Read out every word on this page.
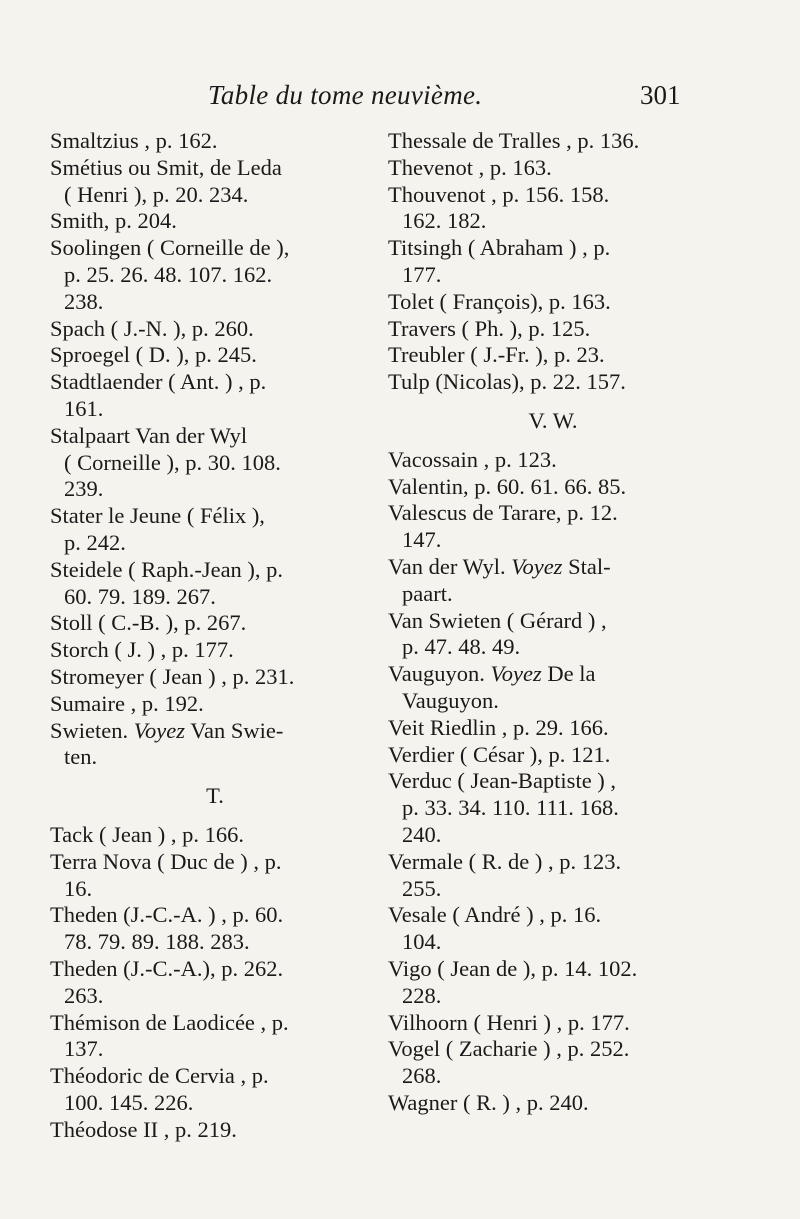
Table du tome neuvième.	301
Smaltzius , p. 162.
Smétius ou Smit, de Leda
( Henri ), p. 20. 234.
Smith, p. 204.
Soolingen ( Corneille de ),
p. 25. 26. 48. 107. 162.
238.
Spach ( J.-N. ), p. 260.
Sproegel ( D. ), p. 245.
Stadtlaender ( Ant. ) , p.
161.
Stalpaart Van der Wyl
( Corneille ), p. 30. 108.
239.
Stater le Jeune ( Félix ),
p. 242.
Steidele ( Raph.-Jean ), p.
60. 79. 189. 267.
Stoll ( C.-B. ), p. 267.
Storch ( J. ) , p. 177.
Stromeyer ( Jean ) , p. 231.
Sumaire , p. 192.
Swieten. Voyez Van Swie-
ten.
T.
Tack ( Jean ) , p. 166.
Terra Nova ( Duc de ) , p.
16.
Theden (J.-C.-A. ) , p. 60.
78. 79. 89. 188. 283.
Theden (J.-C.-A.), p. 262.
263.
Thémison de Laodicée , p.
137.
Théodoric de Cervia , p.
100. 145. 226.
Théodose II , p. 219.
Thessale de Tralles , p. 136.
Thevenot , p. 163.
Thouvenot , p. 156. 158.
162. 182.
Titsingh ( Abraham ) , p.
177.
Tolet ( François), p. 163.
Travers ( Ph. ), p. 125.
Treubler ( J.-Fr. ), p. 23.
Tulp (Nicolas), p. 22. 157.
V. W.
Vacossain , p. 123.
Valentin, p. 60. 61. 66. 85.
Valescus de Tarare, p. 12.
147.
Van der Wyl. Voyez Stal-
paart.
Van Swieten ( Gérard ) ,
p. 47. 48. 49.
Vauguyon. Voyez De la
Vauguyon.
Veit Riedlin , p. 29. 166.
Verdier ( César ), p. 121.
Verduc ( Jean-Baptiste ) ,
p. 33. 34. 110. 111. 168.
240.
Vermale ( R. de ) , p. 123.
255.
Vesale ( André ) , p. 16.
104.
Vigo ( Jean de ), p. 14. 102.
228.
Vilhoorn ( Henri ) , p. 177.
Vogel ( Zacharie ) , p. 252.
268.
Wagner ( R. ) , p. 240.
